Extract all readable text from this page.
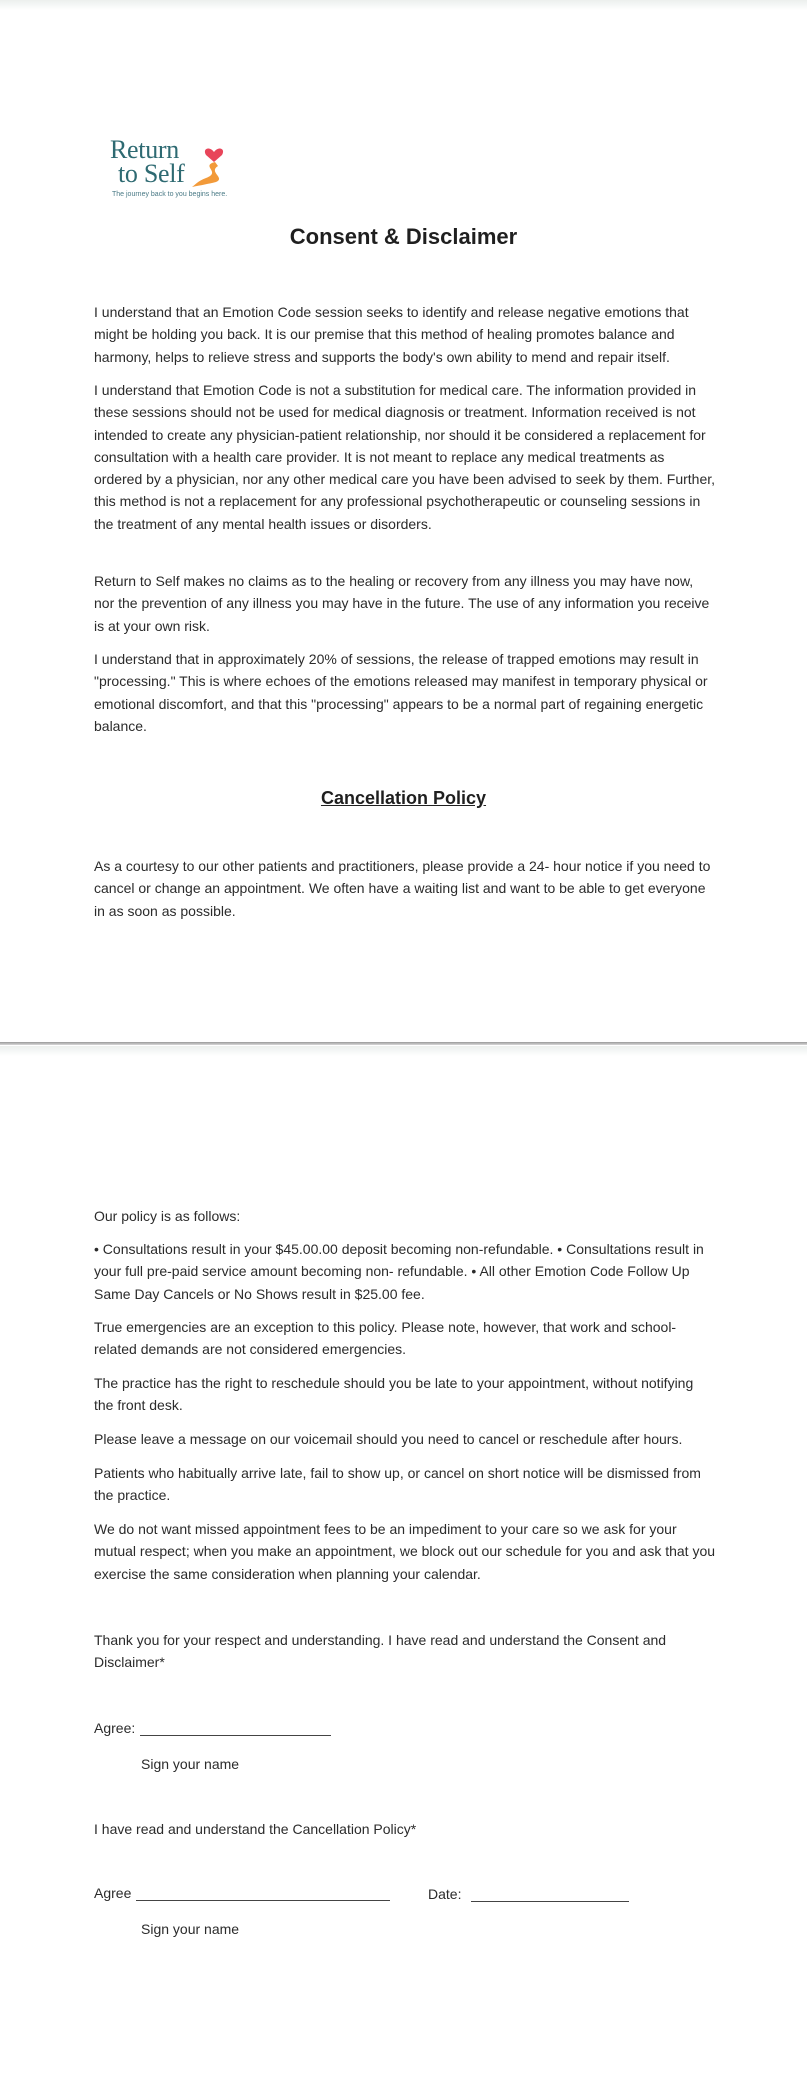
Return

to Self

The journey back to you begins here.

Consent & Disclaimer

I understand that an Emotion Code session seeks to identify and release negative emotions that might be holding you back. It is our premise that this method of healing promotes balance and harmony, helps to relieve stress and supports the body's own ability to mend and repair itself.

I understand that Emotion Code is not a substitution for medical care. The information provided in these sessions should not be used for medical diagnosis or treatment. Information received is not intended to create any physician-patient relationship, nor should it be considered a replacement for consultation with a health care provider. It is not meant to replace any medical treatments as ordered by a physician, nor any other medical care you have been advised to seek by them. Further, this method is not a replacement for any professional psychotherapeutic or counseling sessions in the treatment of any mental health issues or disorders.

Return to Self makes no claims as to the healing or recovery from any illness you may have now, nor the prevention of any illness you may have in the future. The use of any information you receive is at your own risk.

I understand that in approximately 20% of sessions, the release of trapped emotions may result in "processing." This is where echoes of the emotions released may manifest in temporary physical or emotional discomfort, and that this "processing" appears to be a normal part of regaining energetic balance.

Cancellation Policy

As a courtesy to our other patients and practitioners, please provide a 24- hour notice if you need to cancel or change an appointment. We often have a waiting list and want to be able to get everyone in as soon as possible.

Our policy is as follows:

• Consultations result in your $45.00.00 deposit becoming non-refundable. • Consultations result in your full pre-paid service amount becoming non- refundable. • All other Emotion Code Follow Up Same Day Cancels or No Shows result in $25.00 fee.

True emergencies are an exception to this policy. Please note, however, that work and school-related demands are not considered emergencies.

The practice has the right to reschedule should you be late to your appointment, without notifying the front desk.

Please leave a message on our voicemail should you need to cancel or reschedule after hours.

Patients who habitually arrive late, fail to show up, or cancel on short notice will be dismissed from the practice.

We do not want missed appointment fees to be an impediment to your care so we ask for your mutual respect; when you make an appointment, we block out our schedule for you and ask that you exercise the same consideration when planning your calendar.

Thank you for your respect and understanding. I have read and understand the Consent and Disclaimer*

Agree:

Sign your name

I have read and understand the Cancellation Policy*

Agree	Date:

Sign your name
